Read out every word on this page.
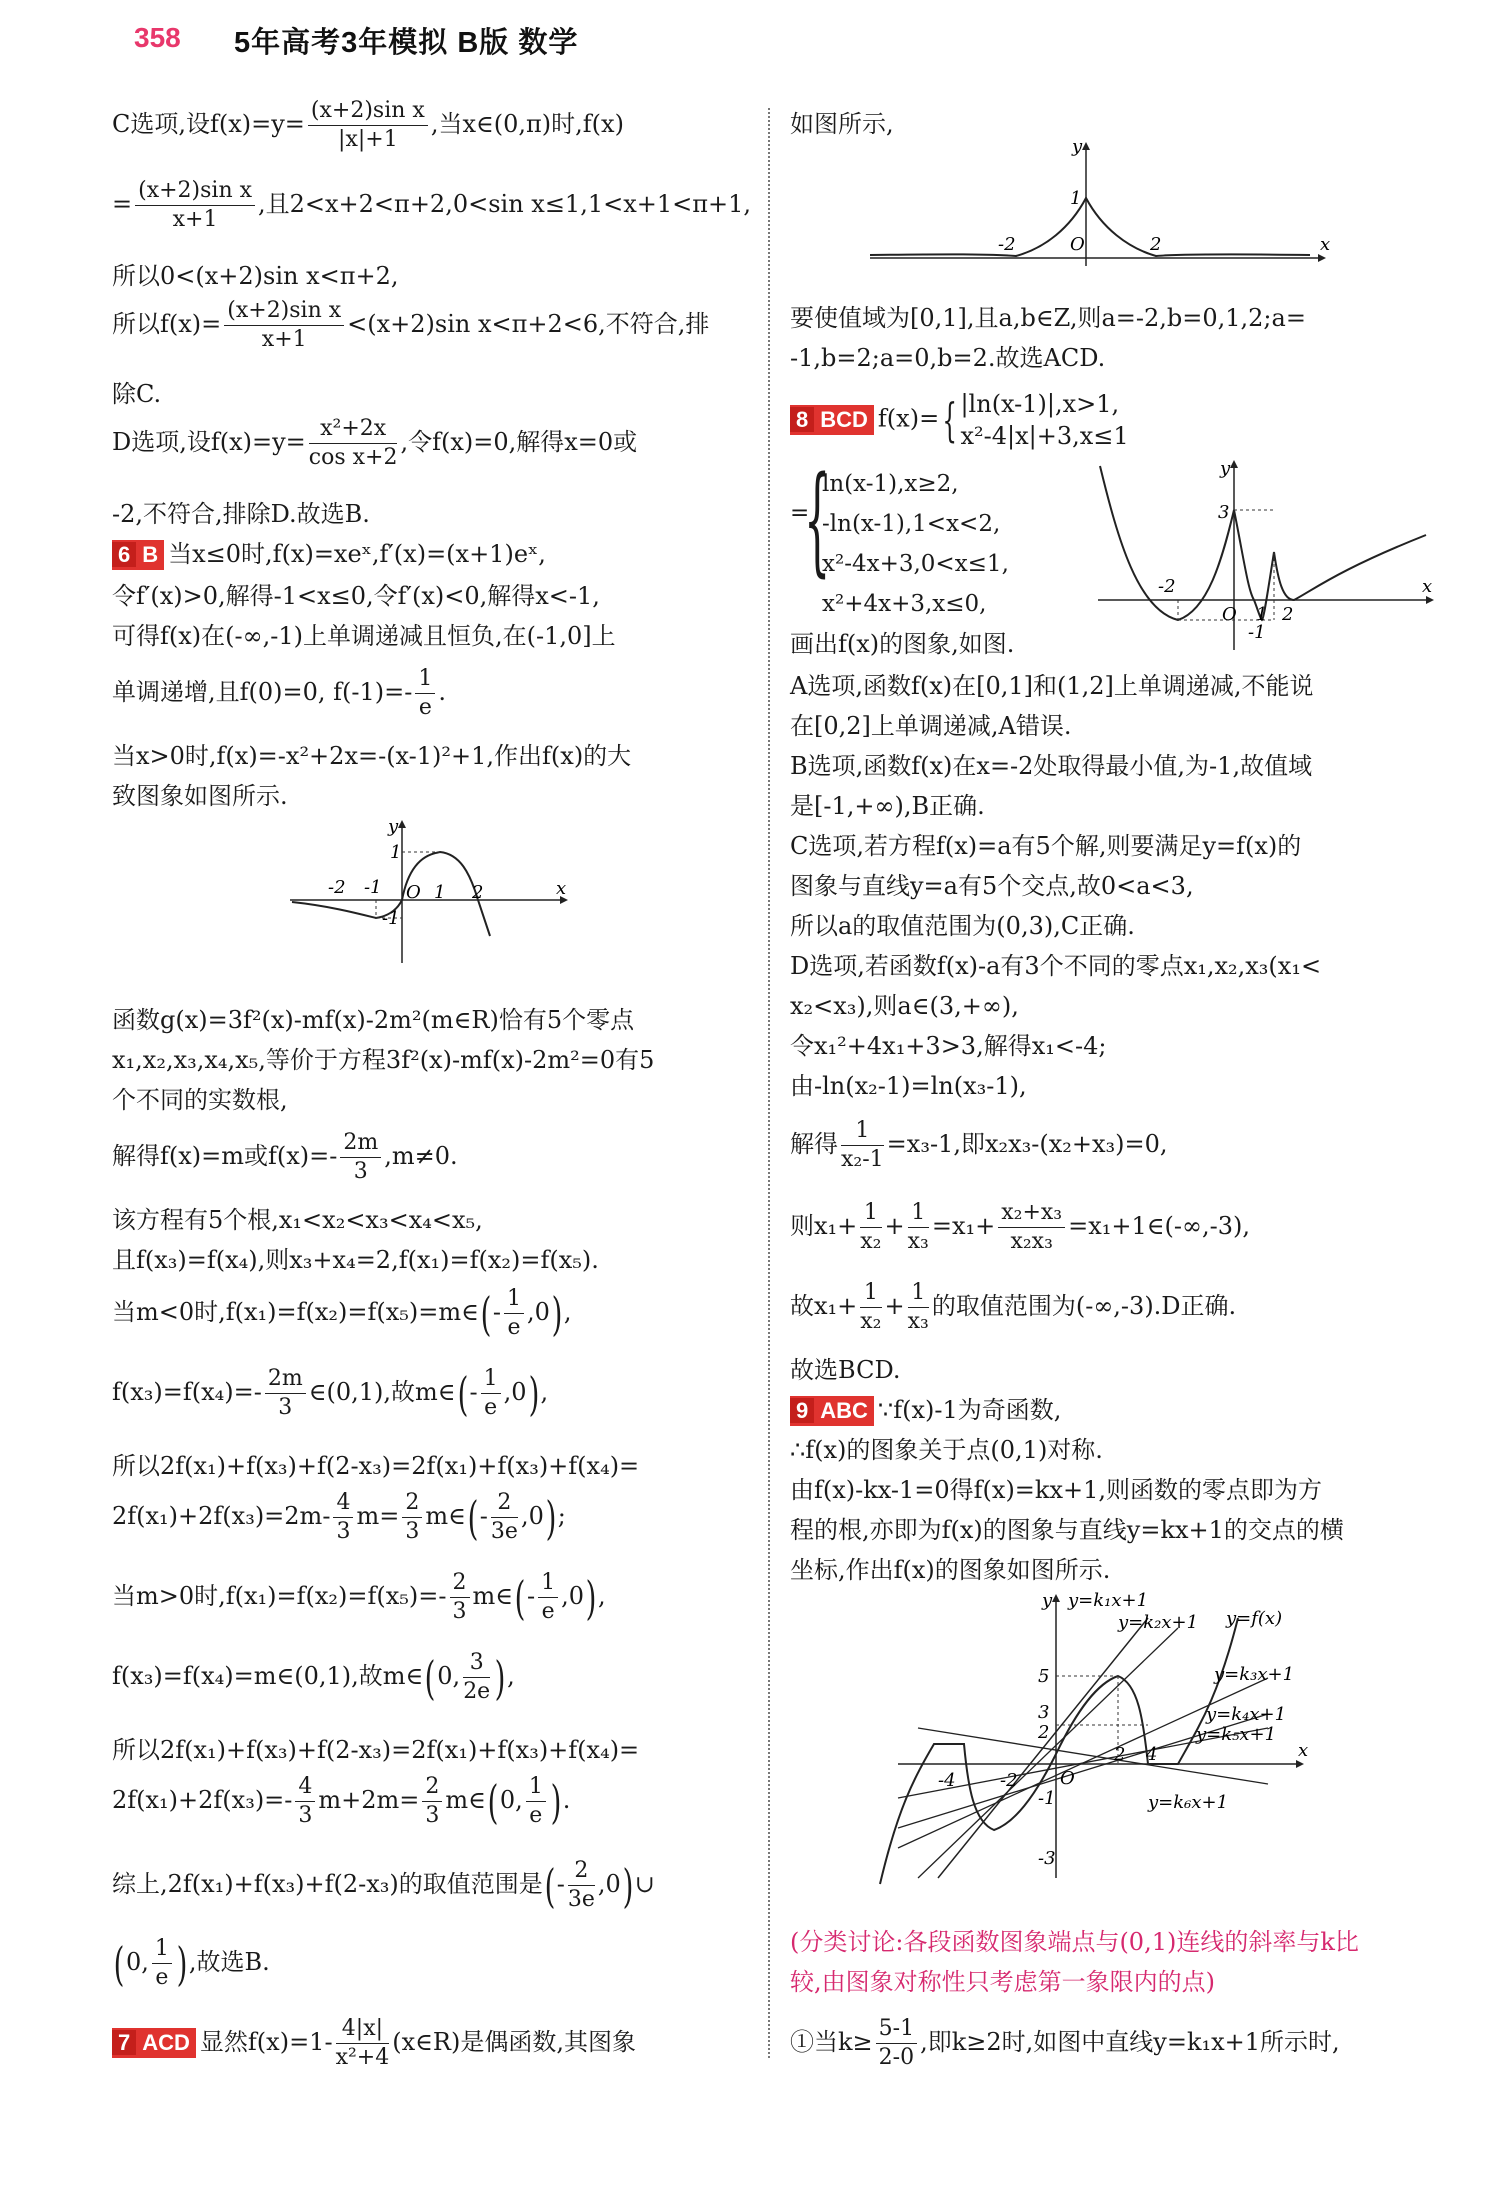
358 5年高考3年模拟 B版 数学
C选项,设$f(x)=y= \frac{\text{(x+2)sin x}}{|x|+1}$ ,当x∈(0,π)时,f(x)
= $\frac{\text{(x+2)sin x}}{x+1}$ ,且2<x+2<π+2,0<sin x≤1,1<x+1<π+1,
所以0<(x+2)sin x<π+2,
所以$f(x)= \frac{\text{(x+2)sin x}}{x+1} <(x+2)\sin$ x<π+2<6,不符合,排
除C.
D选项,设$f(x)=y= \frac{\text{x²+2x}}{\text{cos x+2}}$ ,令f(x)=0,解得x=0或
-2,不符合,排除D.故选B.
6 B 当x≤0时,f(x)=xeˣ,f′(x)=(x+1)eˣ,
令f′(x)>0,解得-1<x≤0,令f′(x)<0,解得x<-1,
可得f(x)在(-∞,-1)上单调递减且恒负,在(-1,0]上
单调递增,且f(0)=0, $f(-1)=- \frac{1}{e}$ .
当x>0时,f(x)=-x²+2x=-(x-1)²+1,作出f(x)的大
致图象如图所示.
y
x
1
-1
O 1 2
-2 -1
函数g(x)=3f²(x)-mf(x)-2m²(m∈R)恰有5个零点
x₁,x₂,x₃,x₄,x₅,等价于方程3f²(x)-mf(x)-2m²=0有5
个不同的实数根,
解得f(x)=m或$f(x)=- \frac{2m}{3} ,m\ne 0$.
该方程有5个根,x₁<x₂<x₃<x₄<x₅,
且f(x₃)=f(x₄),则x₃+x₄=2,f(x₁)=f(x₂)=f(x₅).
当m<0时,f(x₁)=f(x₂)=f(x₅)=m∈(- $\frac{1}{e} ,0$),
$f(x_3)=f(x_4)=- \frac{2m}{3}$ ∈(0,1),故m∈(- $\frac{1}{e} ,0$),
所以2f(x₁)+f(x₃)+f(2-x₃)=2f(x₁)+f(x₃)+f(x₄)=
$2f(x_1)+2f(x_3)=2m- \frac{4}{3} m= \frac{2}{3}$ m∈(- $\frac{2}{3e} ,0$);
当m>0时$,f(x_1)=f(x_2)=f(x_5)=- \frac{2}{3}$ m∈(- $\frac{1}{e} ,0$),
f(x₃)=f(x₄)=m∈(0,1),故m∈(0, $\frac{3}{2e}$ ),
所以2f(x₁)+f(x₃)+f(2-x₃)=2f(x₁)+f(x₃)+f(x₄)=
$2f(x_1)+2f(x_3)=- \frac{4}{3} m+2m= \frac{2}{3}$ m∈(0, $\frac{1}{e}$ ).
综上,2f(x₁)+f(x₃)+f(2-x₃)的取值范围是(- $\frac{2}{3e}$ ,0)∪
(0, $\frac{1}{e}$ ),故选B.
7 ACD 显然$f(x)=1- \frac{4|x|}{\text{x²+4}}$ (x∈R)是偶函数,其图象
如图所示,
y
x
1
-2	O	2
要使值域为[0,1],且a,b∈Z,则a=-2,b=0,1,2;a=
-1,b=2;a=0,b=2.故选ACD.
8 BCD f(x)={ |ln(x-1)|,x>1,
x²-4|x|+3,x≤1
=
{
ln(x-1),x≥2,
-ln(x-1),1<x<2,
x²-4x+3,0<x≤1,
x²+4x+3,x≤0,
y
x
3
-2
O 1 2
-1
画出f(x)的图象,如图.
A选项,函数f(x)在[0,1]和(1,2]上单调递减,不能说
在[0,2]上单调递减,A错误.
B选项,函数f(x)在x=-2处取得最小值,为-1,故值域
是[-1,+∞),B正确.
C选项,若方程f(x)=a有5个解,则要满足y=f(x)的
图象与直线y=a有5个交点,故0<a<3,
所以a的取值范围为(0,3),C正确.
D选项,若函数f(x)-a有3个不同的零点x₁,x₂,x₃(x₁<
x₂<x₃),则a∈(3,+∞),
令x₁²+4x₁+3>3,解得x₁<-4;
由-ln(x₂-1)=ln(x₃-1),
解得 $\frac{1}{\text{x₂-1}} =x_3-1$,即x₂x₃-(x₂+x₃)=0,
则$x_1+ \frac{1}{\text{x₂}} + \frac{1}{\text{x₃}} =x_1+ \frac{\text{x₂+x₃}}{\text{x₂x₃}}$ =x₁+1∈(-∞,-3),
故$x_1+ \frac{1}{\text{x₂}} + \frac{1}{\text{x₃}}$ 的取值范围为(-∞,-3).D正确.
故选BCD.
9 ABC ∵f(x)-1为奇函数,
∴f(x)的图象关于点(0,1)对称.
由f(x)-kx-1=0得f(x)=kx+1,则函数的零点即为方
程的根,亦即为f(x)的图象与直线y=kx+1的交点的横
坐标,作出f(x)的图象如图所示.
y
x
y=k₁x+1
y=k₂x+1 y=f(x)
y=k₃x+1
y=k₄x+1
y=k₅x+1
y=k₆x+1
5
3
2
2 4
-2
-4	O
-1
-3
(分类讨论:各段函数图象端点与(0,1)连线的斜率与k比
较,由图象对称性只考虑第一象限内的点)
①当$k\ge \frac{5-1}{2-0}$ ,即k≥2时,如图中直线y=k₁x+1所示时,
